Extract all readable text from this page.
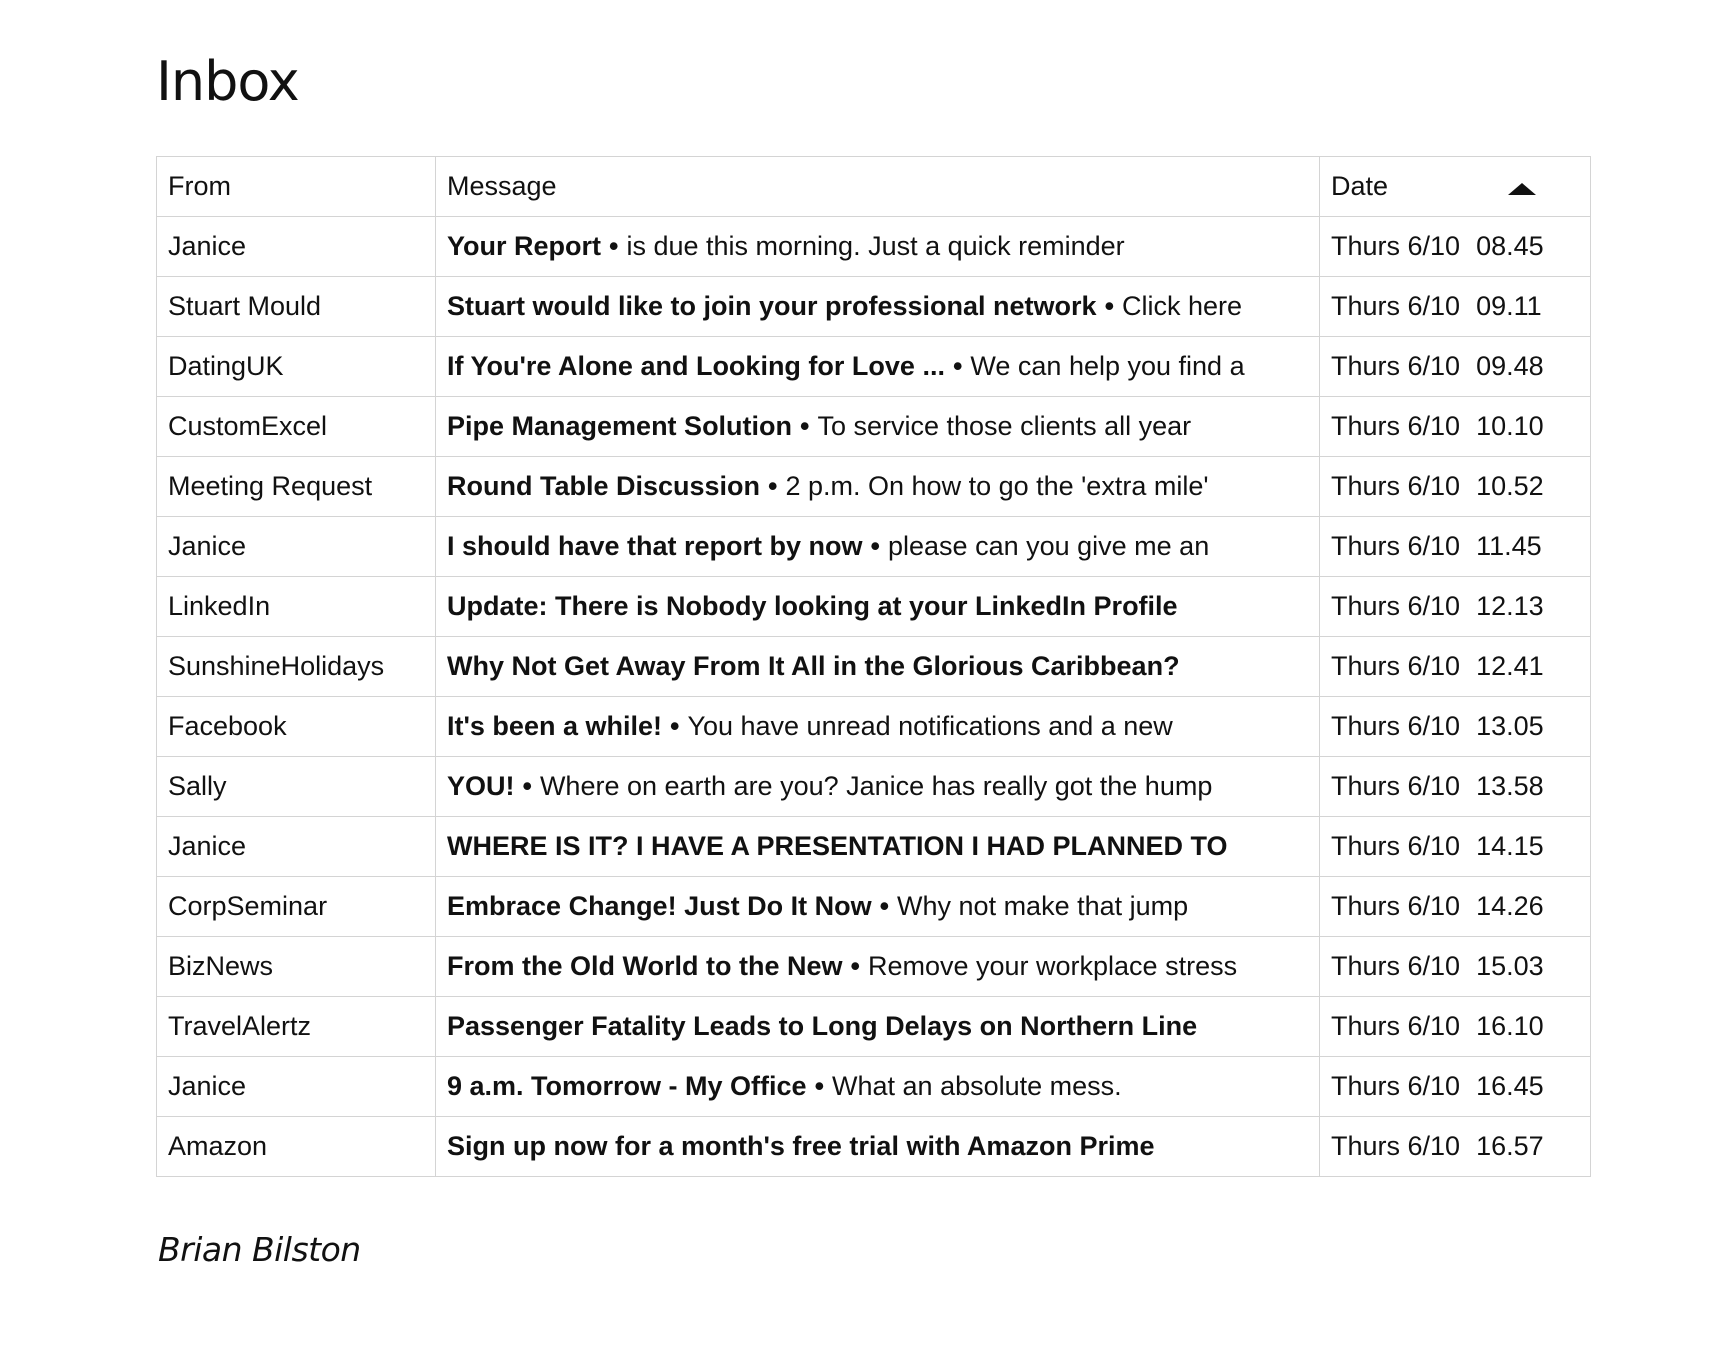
Inbox
From	Message	Date

Janice	Your Report • is due this morning. Just a quick reminder	Thurs 6/10 08.45
Stuart Mould	Stuart would like to join your professional network • Click here	Thurs 6/10 09.11
DatingUK	If You're Alone and Looking for Love ... • We can help you find a	Thurs 6/10 09.48
CustomExcel	Pipe Management Solution • To service those clients all year	Thurs 6/10 10.10
Meeting Request	Round Table Discussion • 2 p.m. On how to go the 'extra mile'	Thurs 6/10 10.52
Janice	I should have that report by now • please can you give me an	Thurs 6/10 11.45
LinkedIn	Update: There is Nobody looking at your LinkedIn Profile	Thurs 6/10 12.13
SunshineHolidays	Why Not Get Away From It All in the Glorious Caribbean?	Thurs 6/10 12.41
Facebook	It's been a while! • You have unread notifications and a new	Thurs 6/10 13.05
Sally	YOU! • Where on earth are you? Janice has really got the hump	Thurs 6/10 13.58
Janice	WHERE IS IT? I HAVE A PRESENTATION I HAD PLANNED TO	Thurs 6/10 14.15
CorpSeminar	Embrace Change! Just Do It Now • Why not make that jump	Thurs 6/10 14.26
BizNews	From the Old World to the New • Remove your workplace stress	Thurs 6/10 15.03
TravelAlertz	Passenger Fatality Leads to Long Delays on Northern Line	Thurs 6/10 16.10
Janice	9 a.m. Tomorrow - My Office • What an absolute mess.	Thurs 6/10 16.45
Amazon	Sign up now for a month's free trial with Amazon Prime	Thurs 6/10 16.57

Brian Bilston
